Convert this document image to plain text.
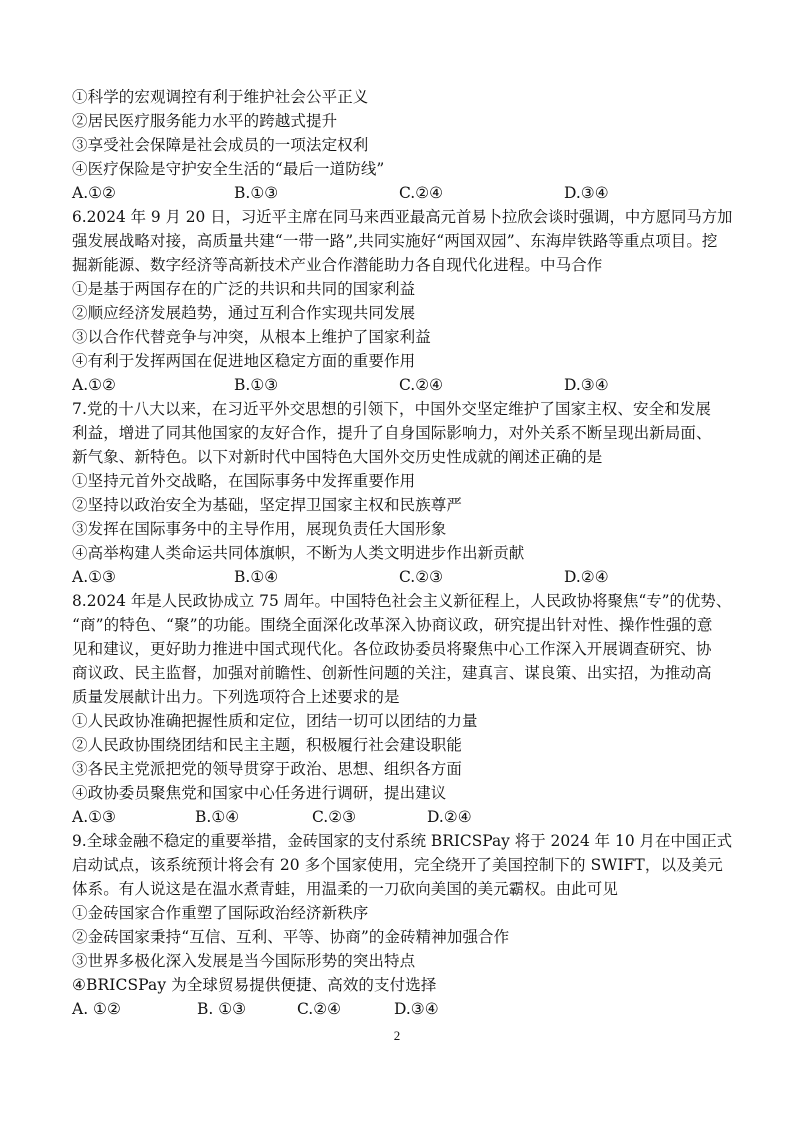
①科学的宏观调控有利于维护社会公平正义
②居民医疗服务能力水平的跨越式提升
③享受社会保障是社会成员的一项法定权利
④医疗保险是守护安全生活的“最后一道防线”
A.①②	B.①③	C.②④	D.③④
6.2024 年 9 月 20 日，习近平主席在同马来西亚最高元首易卜拉欣会谈时强调，中方愿同马方加
强发展战略对接，高质量共建“一带一路”,共同实施好“两国双园”、东海岸铁路等重点项目。挖
掘新能源、数字经济等高新技术产业合作潜能助力各自现代化进程。中马合作
①是基于两国存在的广泛的共识和共同的国家利益
②顺应经济发展趋势，通过互利合作实现共同发展
③以合作代替竞争与冲突，从根本上维护了国家利益
④有利于发挥两国在促进地区稳定方面的重要作用
A.①②	B.①③	C.②④	D.③④
7.党的十八大以来，在习近平外交思想的引领下，中国外交坚定维护了国家主权、安全和发展
利益，增进了同其他国家的友好合作，提升了自身国际影响力，对外关系不断呈现出新局面、
新气象、新特色。以下对新时代中国特色大国外交历史性成就的阐述正确的是
①坚持元首外交战略，在国际事务中发挥重要作用
②坚持以政治安全为基础，坚定捍卫国家主权和民族尊严
③发挥在国际事务中的主导作用，展现负责任大国形象
④高举构建人类命运共同体旗帜，不断为人类文明进步作出新贡献
A.①③	B.①④	C.②③	D.②④
8.2024 年是人民政协成立 75 周年。中国特色社会主义新征程上，人民政协将聚焦“专”的优势、
“商”的特色、“聚”的功能。围绕全面深化改革深入协商议政，研究提出针对性、操作性强的意
见和建议，更好助力推进中国式现代化。各位政协委员将聚焦中心工作深入开展调查研究、协
商议政、民主监督，加强对前瞻性、创新性问题的关注，建真言、谋良策、出实招，为推动高
质量发展献计出力。下列选项符合上述要求的是
①人民政协准确把握性质和定位，团结一切可以团结的力量
②人民政协围绕团结和民主主题，积极履行社会建设职能
③各民主党派把党的领导贯穿于政治、思想、组织各方面
④政协委员聚焦党和国家中心任务进行调研，提出建议
A.①③	B.①④	C.②③	D.②④
9.全球金融不稳定的重要举措，金砖国家的支付系统 BRICSPay 将于 2024 年 10 月在中国正式
启动试点，该系统预计将会有 20 多个国家使用，完全绕开了美国控制下的 SWIFT，以及美元
体系。有人说这是在温水煮青蛙，用温柔的一刀砍向美国的美元霸权。由此可见
①金砖国家合作重塑了国际政治经济新秩序
②金砖国家秉持“互信、互利、平等、协商”的金砖精神加强合作
③世界多极化深入发展是当今国际形势的突出特点
④BRICSPay 为全球贸易提供便捷、高效的支付选择
A. ①②	B. ①③	C.②④	D.③④
2
